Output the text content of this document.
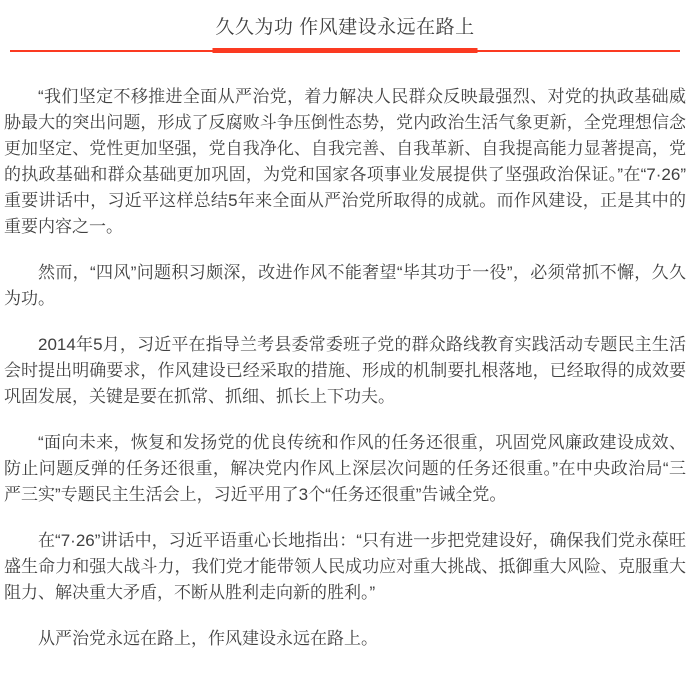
久久为功 作风建设永远在路上

“我们坚定不移推进全面从严治党，着力解决人民群众反映最强烈、对党的执政基础威胁最大的突出问题，形成了反腐败斗争压倒性态势，党内政治生活气象更新，全党理想信念更加坚定、党性更加坚强，党自我净化、自我完善、自我革新、自我提高能力显著提高，党的执政基础和群众基础更加巩固，为党和国家各项事业发展提供了坚强政治保证。”在“7·26”重要讲话中，习近平这样总结5年来全面从严治党所取得的成就。而作风建设，正是其中的重要内容之一。

然而，“四风”问题积习颇深，改进作风不能奢望“毕其功于一役”，必须常抓不懈，久久为功。

2014年5月，习近平在指导兰考县委常委班子党的群众路线教育实践活动专题民主生活会时提出明确要求，作风建设已经采取的措施、形成的机制要扎根落地，已经取得的成效要巩固发展，关键是要在抓常、抓细、抓长上下功夫。

“面向未来，恢复和发扬党的优良传统和作风的任务还很重，巩固党风廉政建设成效、防止问题反弹的任务还很重，解决党内作风上深层次问题的任务还很重。”在中央政治局“三严三实”专题民主生活会上，习近平用了3个“任务还很重”告诫全党。

在“7·26”讲话中，习近平语重心长地指出：“只有进一步把党建设好，确保我们党永葆旺盛生命力和强大战斗力，我们党才能带领人民成功应对重大挑战、抵御重大风险、克服重大阻力、解决重大矛盾，不断从胜利走向新的胜利。”

从严治党永远在路上，作风建设永远在路上。
